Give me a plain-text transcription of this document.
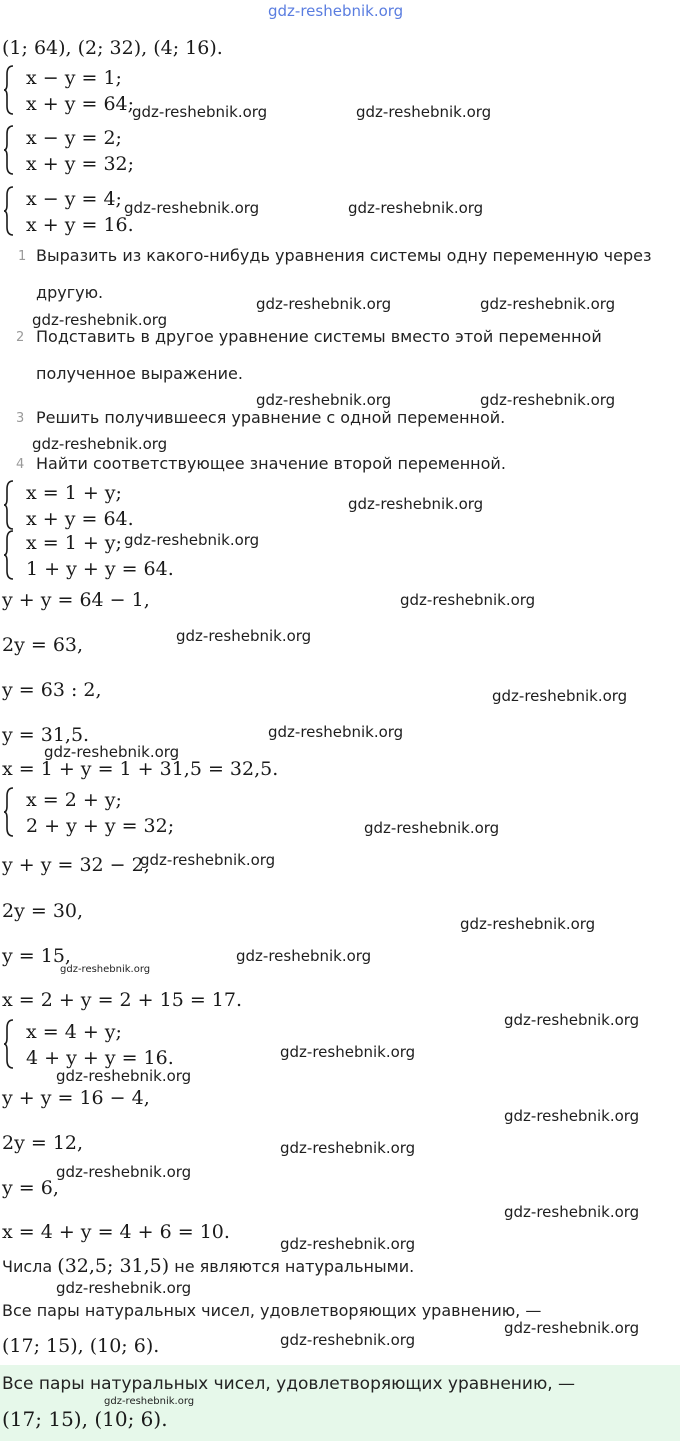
gdz-reshebnik.org
(1; 64), (2; 32), (4; 16).
x − y = 1;
x + y = 64;
x − y = 2;
x + y = 32;
x − y = 4;
x + y = 16.
1 Выразить из какого-нибудь уравнения системы одну переменную через
другую.
2 Подставить в другое уравнение системы вместо этой переменной
полученное выражение.
3 Решить получившееся уравнение с одной переменной.
4 Найти соответствующее значение второй переменной.
x = 1 + y;
x + y = 64.
x = 1 + y;
1 + y + y = 64.
y + y = 64 − 1,
2y = 63,
y = 63 : 2,
y = 31,5.
x = 1 + y = 1 + 31,5 = 32,5.
x = 2 + y;
2 + y + y = 32;
y + y = 32 − 2,
2y = 30,
y = 15,
x = 2 + y = 2 + 15 = 17.
x = 4 + y;
4 + y + y = 16.
y + y = 16 − 4,
2y = 12,
y = 6,
x = 4 + y = 4 + 6 = 10.
Числа (32,5; 31,5) не являются натуральными.
Все пары натуральных чисел, удовлетворяющих уравнению, —
(17; 15), (10; 6).
Все пары натуральных чисел, удовлетворяющих уравнению, —
(17; 15), (10; 6).
gdz-reshebnik.org	gdz-reshebnik.org
gdz-reshebnik.org	gdz-reshebnik.org
gdz-reshebnik.org	gdz-reshebnik.org
gdz-reshebnik.org
gdz-reshebnik.org	gdz-reshebnik.org
gdz-reshebnik.org
gdz-reshebnik.org
gdz-reshebnik.org
gdz-reshebnik.org
gdz-reshebnik.org
gdz-reshebnik.org
gdz-reshebnik.org
gdz-reshebnik.org
gdz-reshebnik.org
gdz-reshebnik.org
gdz-reshebnik.org
gdz-reshebnik.org
gdz-reshebnik.org
gdz-reshebnik.org
gdz-reshebnik.org
gdz-reshebnik.org
gdz-reshebnik.org
gdz-reshebnik.org
gdz-reshebnik.org
gdz-reshebnik.org
gdz-reshebnik.org
gdz-reshebnik.org
gdz-reshebnik.org
gdz-reshebnik.org
gdz-reshebnik.org
